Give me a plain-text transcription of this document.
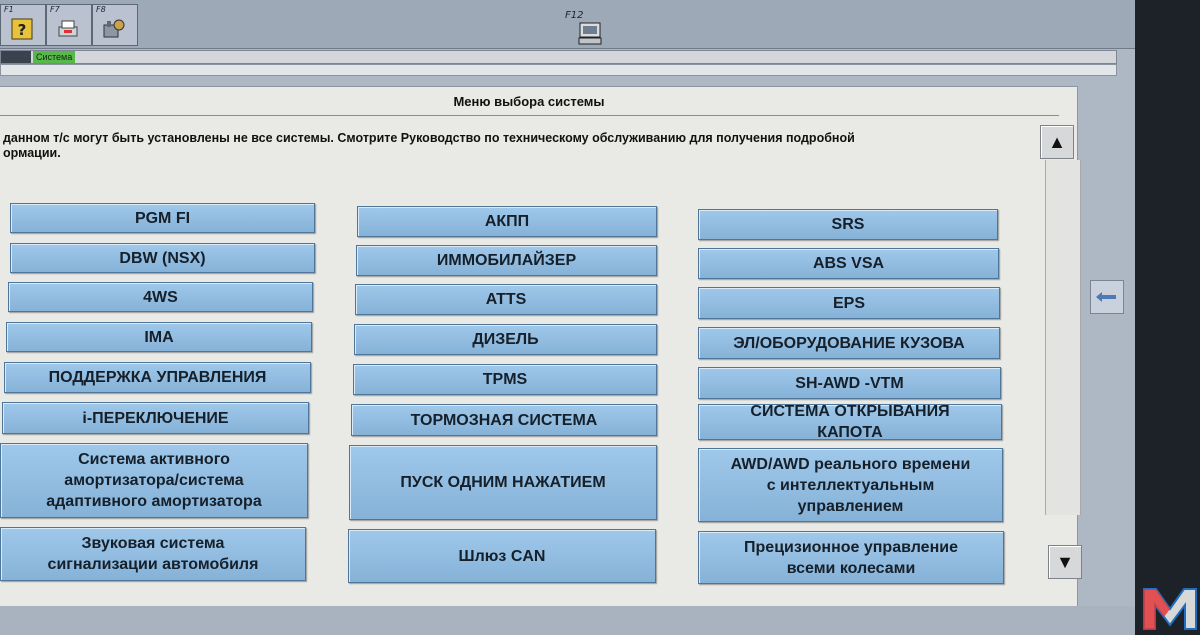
F1
?
F7	F8
F12
Система
Меню выбора системы
данном т/с могут быть установлены не все системы. Смотрите Руководство по техническому обслуживанию для получения подробной
ормации.
PGM FI
DBW (NSX)
4WS
IMA
ПОДДЕРЖКА УПРАВЛЕНИЯ
i-ПЕРЕКЛЮЧЕНИЕ
Система активного
амортизатора/система
адаптивного амортизатора
Звуковая система
сигнализации автомобиля
АКПП
ИММОБИЛАЙЗЕР
ATTS
ДИЗЕЛЬ
TPMS
ТОРМОЗНАЯ СИСТЕМА
ПУСК ОДНИМ НАЖАТИЕМ
Шлюз CAN
SRS
ABS VSA
EPS
ЭЛ/ОБОРУДОВАНИЕ КУЗОВА
SH-AWD -VTM
СИСТЕМА ОТКРЫВАНИЯ
КАПОТА
AWD/AWD реального времени
с интеллектуальным
управлением
Прецизионное управление
всеми колесами
▲
▼
